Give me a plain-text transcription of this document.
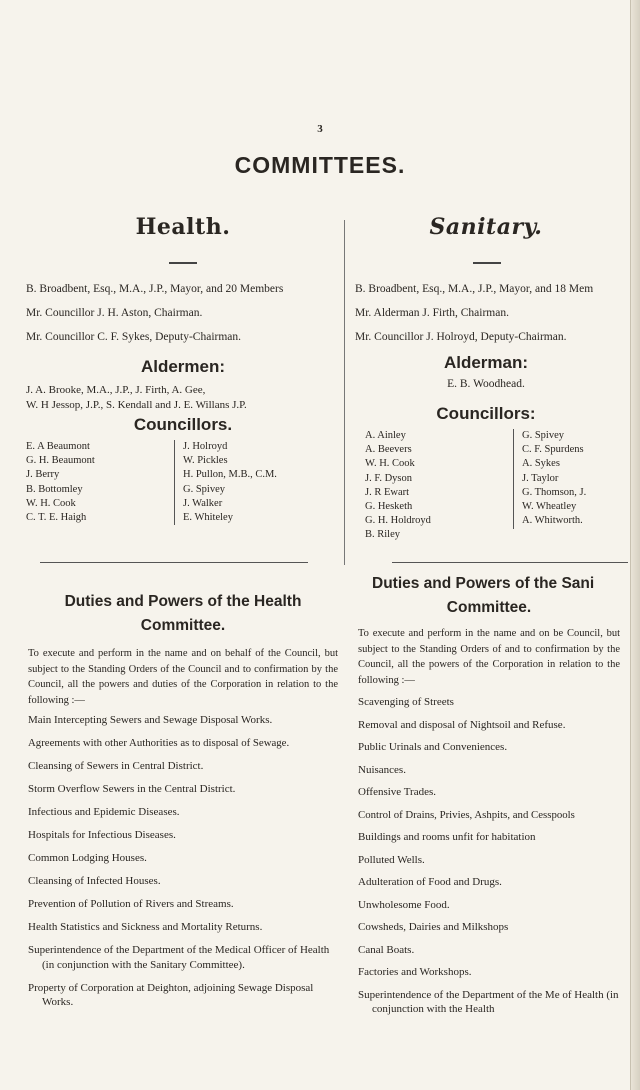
3
COMMITTEES.

Health.

B. Broadbent, Esq., M.A., J.P., Mayor, and 20 Members
Mr. Councillor J. H. Aston, Chairman.
Mr. Councillor C. F. Sykes, Deputy-Chairman.

Aldermen:

J. A. Brooke, M.A., J.P., J. Firth, A. Gee,
W. H Jessop, J.P., S. Kendall and J. E. Willans J.P.

Councillors.

E. A Beaumont
G. H. Beaumont
J. Berry
B. Bottomley
W. H. Cook
C. T. E. Haigh
J. Holroyd
W. Pickles
H. Pullon, M.B., C.M.
G. Spivey
J. Walker
E. Whiteley
Duties and Powers of the Health
Committee.
To execute and perform in the name and on behalf of the Council, but subject to the Standing Orders of the Council and to confirmation by the Council, all the powers and duties of the Corporation in relation to the following :—
Main Intercepting Sewers and Sewage Disposal Works.
Agreements with other Authorities as to disposal of Sewage.
Cleansing of Sewers in Central District.
Storm Overflow Sewers in the Central District.
Infectious and Epidemic Diseases.
Hospitals for Infectious Diseases.
Common Lodging Houses.
Cleansing of Infected Houses.
Prevention of Pollution of Rivers and Streams.
Health Statistics and Sickness and Mortality Returns.
Superintendence of the Department of the Medical Officer of Health (in conjunction with the Sanitary Committee).
Property of Corporation at Deighton, adjoining Sewage Disposal Works.

Sanitary.

B. Broadbent, Esq., M.A., J.P., Mayor, and 18 Mem
Mr. Alderman J. Firth, Chairman.
Mr. Councillor J. Holroyd, Deputy-Chairman.

Alderman:

E. B. Woodhead.

Councillors:

A. Ainley
A. Beevers
W. H. Cook
J. F. Dyson
J. R Ewart
G. Hesketh
G. H. Holdroyd
B. Riley
G. Spivey
C. F. Spurdens
A. Sykes
J. Taylor
G. Thomson, J.
W. Wheatley
A. Whitworth.
Duties and Powers of the Sani
Committee.
To execute and perform in the name and on be Council, but subject to the Standing Orders of and to confirmation by the Council, all the powers of the Corporation in relation to the following :—
Scavenging of Streets
Removal and disposal of Nightsoil and Refuse.
Public Urinals and Conveniences.
Nuisances.
Offensive Trades.
Control of Drains, Privies, Ashpits, and Cesspools
Buildings and rooms unfit for habitation
Polluted Wells.
Adulteration of Food and Drugs.
Unwholesome Food.
Cowsheds, Dairies and Milkshops
Canal Boats.
Factories and Workshops.
Superintendence of the Department of the Me of Health (in conjunction with the Health
